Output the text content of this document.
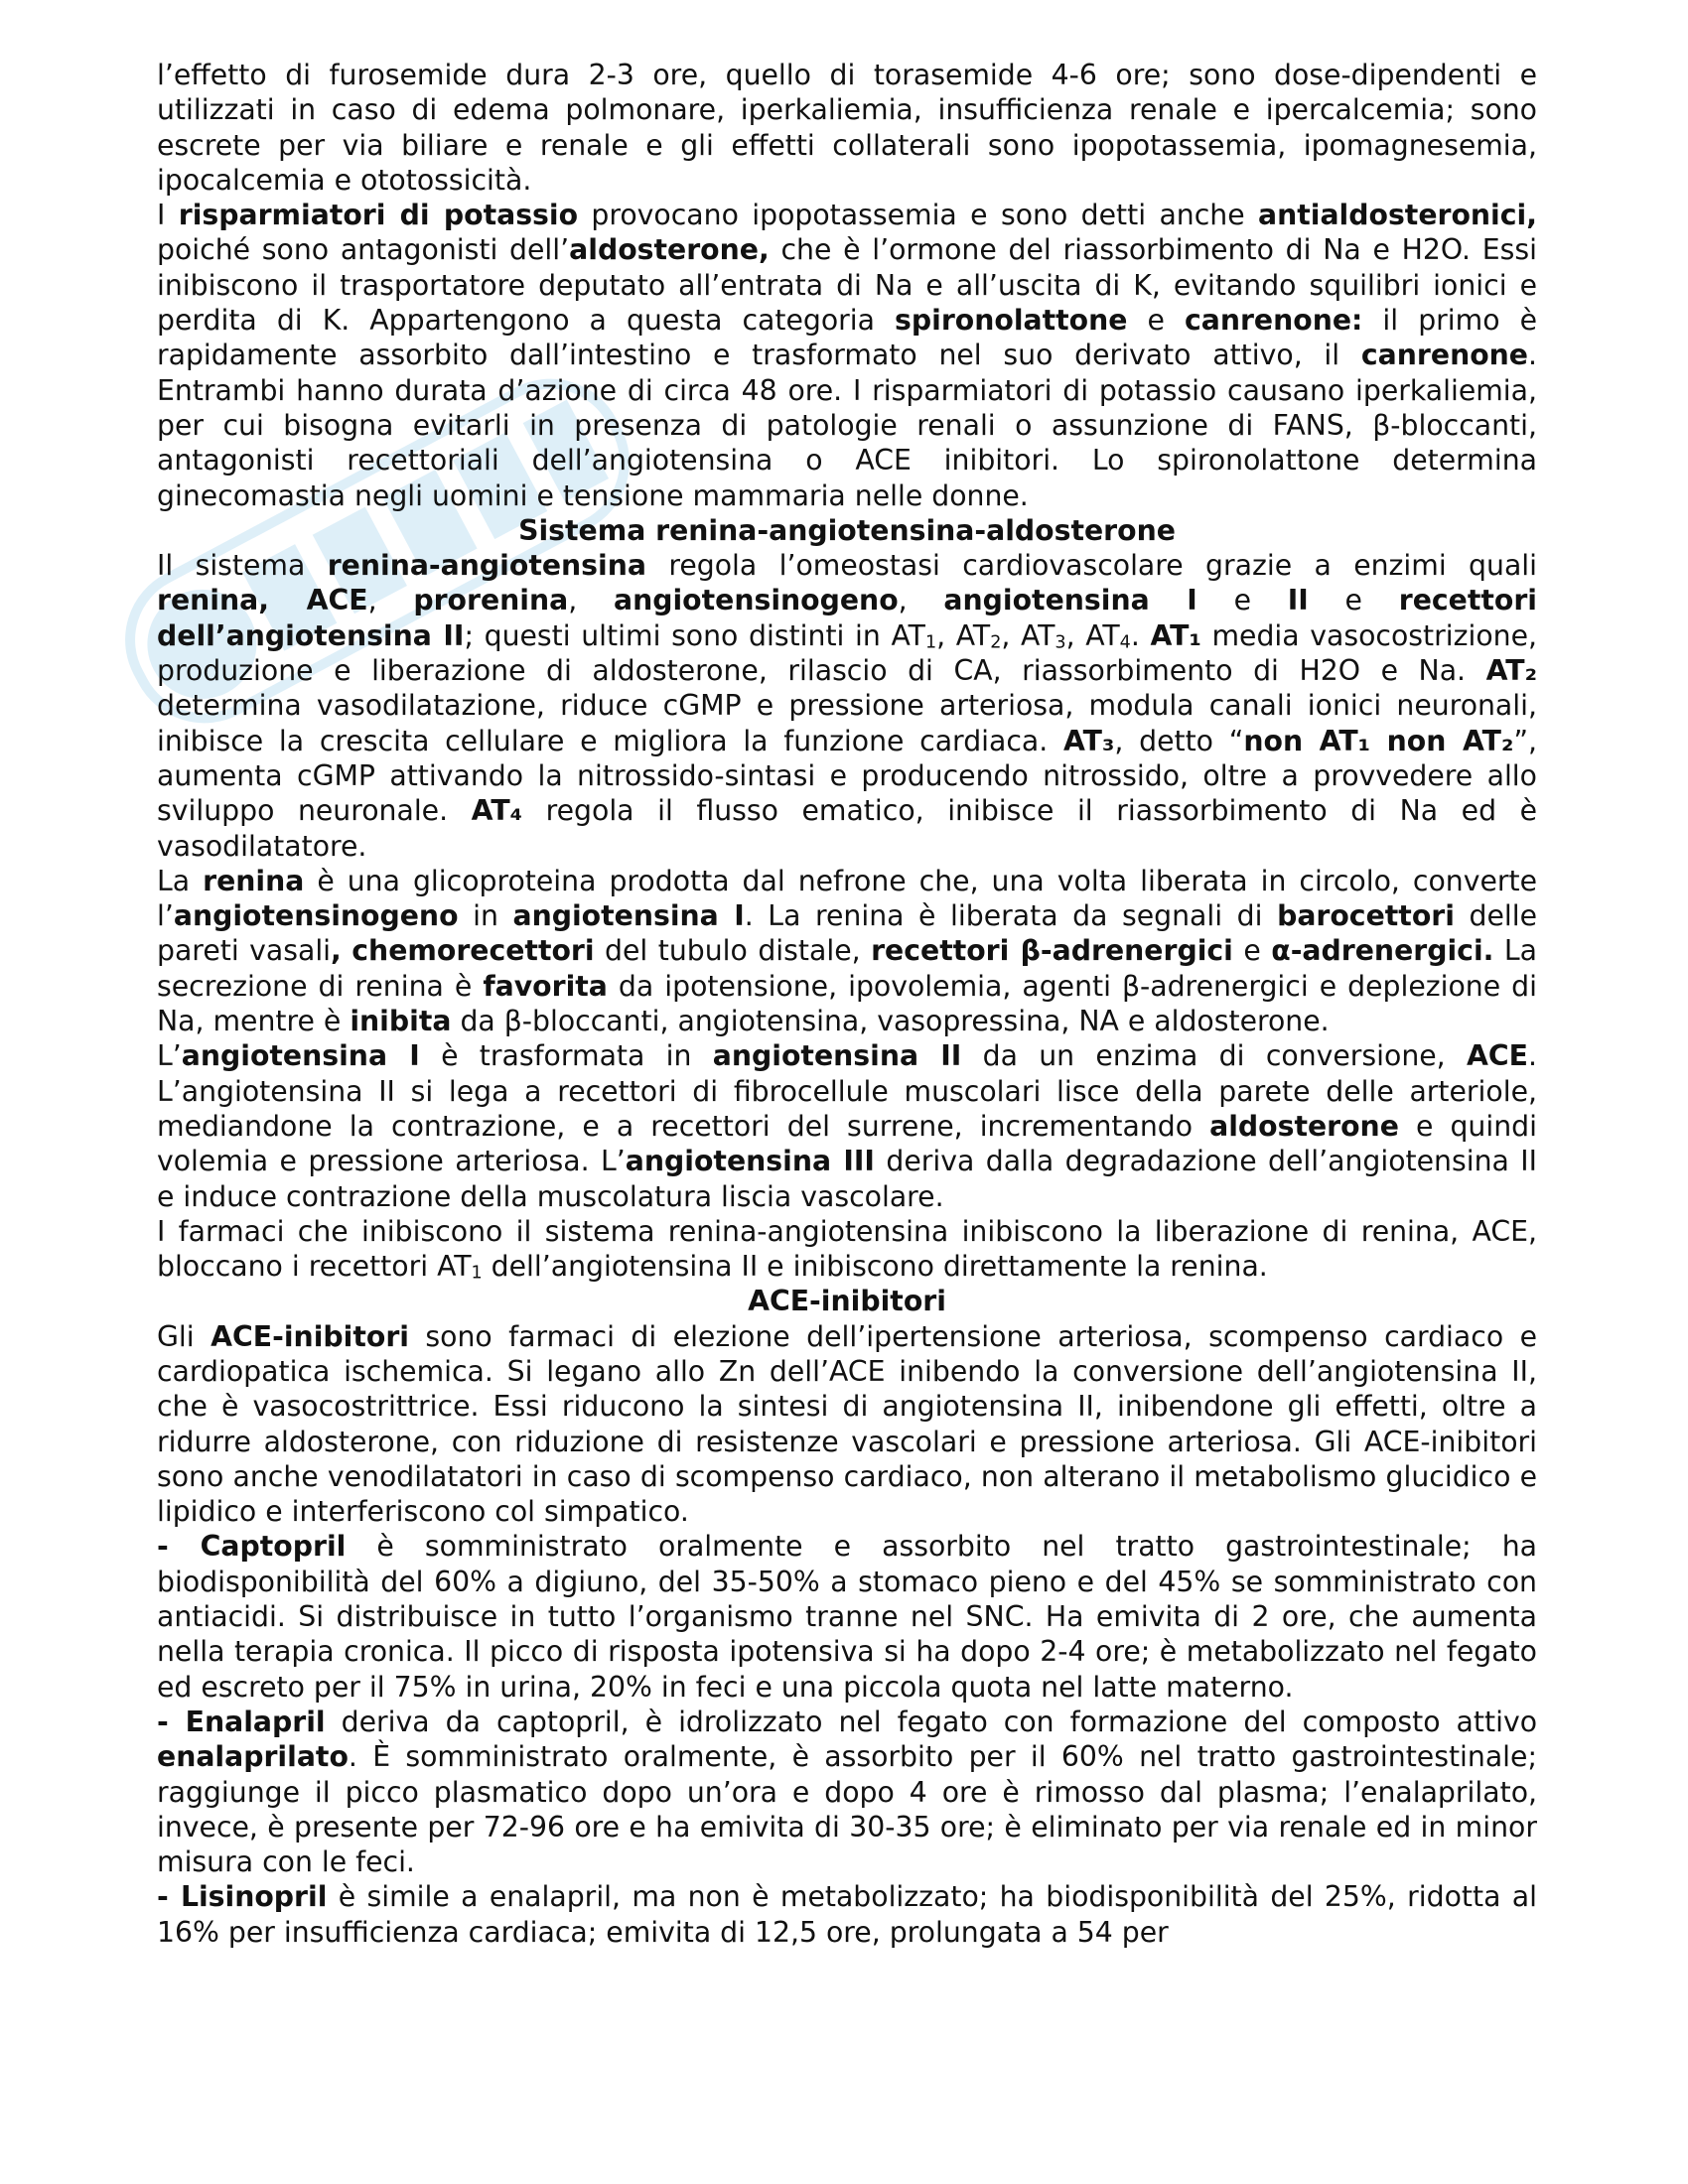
l’effetto di furosemide dura 2-3 ore, quello di torasemide 4-6 ore; sono dose-dipendenti e utilizzati in caso di edema polmonare, iperkaliemia, insufficienza renale e ipercalcemia; sono escrete per via biliare e renale e gli effetti collaterali sono ipopotassemia, ipomagnesemia, ipocalcemia e ototossicità.

I risparmiatori di potassio provocano ipopotassemia e sono detti anche antialdosteronici, poiché sono antagonisti dell’aldosterone, che è l’ormone del riassorbimento di Na e H2O. Essi inibiscono il trasportatore deputato all’entrata di Na e all’uscita di K, evitando squilibri ionici e perdita di K. Appartengono a questa categoria spironolattone e canrenone: il primo è rapidamente assorbito dall’intestino e trasformato nel suo derivato attivo, il canrenone. Entrambi hanno durata d’azione di circa 48 ore. I risparmiatori di potassio causano iperkaliemia, per cui bisogna evitarli in presenza di patologie renali o assunzione di FANS, β-bloccanti, antagonisti recettoriali dell’angiotensina o ACE inibitori. Lo spironolattone determina ginecomastia negli uomini e tensione mammaria nelle donne.

Sistema renina-angiotensina-aldosterone

Il sistema renina-angiotensina regola l’omeostasi cardiovascolare grazie a enzimi quali renina, ACE, prorenina, angiotensinogeno, angiotensina I e II e recettori dell’angiotensina II; questi ultimi sono distinti in $AT_1$, $AT_2$, $AT_3$, $AT_4$. AT₁ media vasocostrizione, produzione e liberazione di aldosterone, rilascio di CA, riassorbimento di H2O e Na. AT₂ determina vasodilatazione, riduce cGMP e pressione arteriosa, modula canali ionici neuronali, inibisce la crescita cellulare e migliora la funzione cardiaca. AT₃, detto “non AT₁ non AT₂”, aumenta cGMP attivando la nitrossido-sintasi e producendo nitrossido, oltre a provvedere allo sviluppo neuronale. AT₄ regola il flusso ematico, inibisce il riassorbimento di Na ed è vasodilatatore.

La renina è una glicoproteina prodotta dal nefrone che, una volta liberata in circolo, converte l’angiotensinogeno in angiotensina I. La renina è liberata da segnali di barocettori delle pareti vasali, chemorecettori del tubulo distale, recettori β-adrenergici e α-adrenergici. La secrezione di renina è favorita da ipotensione, ipovolemia, agenti β-adrenergici e deplezione di Na, mentre è inibita da β-bloccanti, angiotensina, vasopressina, NA e aldosterone.

L’angiotensina I è trasformata in angiotensina II da un enzima di conversione, ACE. L’angiotensina II si lega a recettori di fibrocellule muscolari lisce della parete delle arteriole, mediandone la contrazione, e a recettori del surrene, incrementando aldosterone e quindi volemia e pressione arteriosa. L’angiotensina III deriva dalla degradazione dell’angiotensina II e induce contrazione della muscolatura liscia vascolare.

I farmaci che inibiscono il sistema renina-angiotensina inibiscono la liberazione di renina, ACE, bloccano i recettori $AT_1$ dell’angiotensina II e inibiscono direttamente la renina.

ACE-inibitori

Gli ACE-inibitori sono farmaci di elezione dell’ipertensione arteriosa, scompenso cardiaco e cardiopatica ischemica. Si legano allo Zn dell’ACE inibendo la conversione dell’angiotensina II, che è vasocostrittrice. Essi riducono la sintesi di angiotensina II, inibendone gli effetti, oltre a ridurre aldosterone, con riduzione di resistenze vascolari e pressione arteriosa. Gli ACE-inibitori sono anche venodilatatori in caso di scompenso cardiaco, non alterano il metabolismo glucidico e lipidico e interferiscono col simpatico.

- Captopril è somministrato oralmente e assorbito nel tratto gastrointestinale; ha biodisponibilità del 60% a digiuno, del 35-50% a stomaco pieno e del 45% se somministrato con antiacidi. Si distribuisce in tutto l’organismo tranne nel SNC. Ha emivita di 2 ore, che aumenta nella terapia cronica. Il picco di risposta ipotensiva si ha dopo 2-4 ore; è metabolizzato nel fegato ed escreto per il 75% in urina, 20% in feci e una piccola quota nel latte materno.

- Enalapril deriva da captopril, è idrolizzato nel fegato con formazione del composto attivo enalaprilato. È somministrato oralmente, è assorbito per il 60% nel tratto gastrointestinale; raggiunge il picco plasmatico dopo un’ora e dopo 4 ore è rimosso dal plasma; l’enalaprilato, invece, è presente per 72-96 ore e ha emivita di 30-35 ore; è eliminato per via renale ed in minor misura con le feci.

- Lisinopril è simile a enalapril, ma non è metabolizzato; ha biodisponibilità del 25%, ridotta al 16% per insufficienza cardiaca; emivita di 12,5 ore, prolungata a 54 per
